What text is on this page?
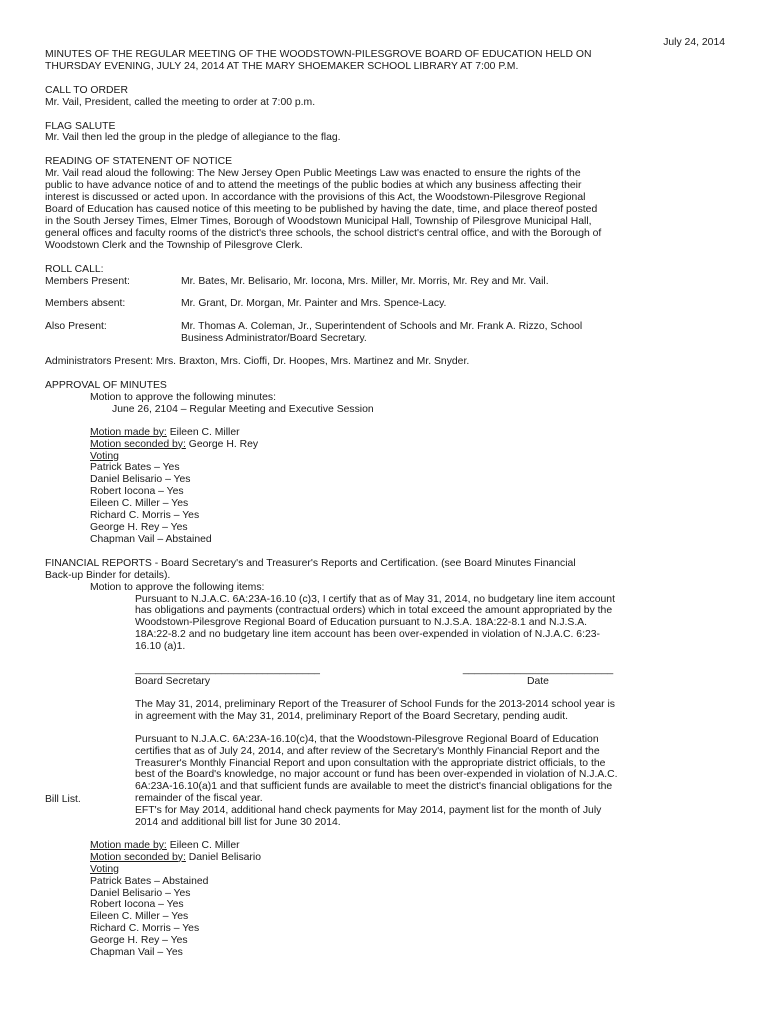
July 24, 2014

MINUTES OF THE REGULAR MEETING OF THE WOODSTOWN-PILESGROVE BOARD OF EDUCATION HELD ON

THURSDAY EVENING, JULY 24, 2014 AT THE MARY SHOEMAKER SCHOOL LIBRARY AT 7:00 P.M.

CALL TO ORDER

Mr. Vail, President, called the meeting to order at 7:00 p.m.

FLAG SALUTE

Mr. Vail then led the group in the pledge of allegiance to the flag.

READING OF STATENENT OF NOTICE

Mr. Vail read aloud the following: The New Jersey Open Public Meetings Law was enacted to ensure the rights of the

public to have advance notice of and to attend the meetings of the public bodies at which any business affecting their

interest is discussed or acted upon. In accordance with the provisions of this Act, the Woodstown-Pilesgrove Regional

Board of Education has caused notice of this meeting to be published by having the date, time, and place thereof posted

in the South Jersey Times, Elmer Times, Borough of Woodstown Municipal Hall, Township of Pilesgrove Municipal Hall,

general offices and faculty rooms of the district's three schools, the school district's central office, and with the Borough of

Woodstown Clerk and the Township of Pilesgrove Clerk.

ROLL CALL:

Members Present:	Mr. Bates, Mr. Belisario, Mr. Iocona, Mrs. Miller, Mr. Morris, Mr. Rey and Mr. Vail.
Members absent:	Mr. Grant, Dr. Morgan, Mr. Painter and Mrs. Spence-Lacy.
Also Present:	Mr. Thomas A. Coleman, Jr., Superintendent of Schools and Mr. Frank A. Rizzo, School
Business Administrator/Board Secretary.

Administrators Present: Mrs. Braxton, Mrs. Cioffi, Dr. Hoopes, Mrs. Martinez and Mr. Snyder.

APPROVAL OF MINUTES

Motion to approve the following minutes:

June 26, 2104 – Regular Meeting and Executive Session

Motion made by: Eileen C. Miller

Motion seconded by: George H. Rey

Voting

Patrick Bates – Yes

Daniel Belisario – Yes

Robert Iocona – Yes

Eileen C. Miller – Yes

Richard C. Morris – Yes

George H. Rey – Yes

Chapman Vail – Abstained

FINANCIAL REPORTS - Board Secretary's and Treasurer's Reports and Certification. (see Board Minutes Financial

Back-up Binder for details).

Motion to approve the following items:

Pursuant to N.J.A.C. 6A:23A-16.10 (c)3, I certify that as of May 31, 2014, no budgetary line item account

has obligations and payments (contractual orders) which in total exceed the amount appropriated by the

Woodstown-Pilesgrove Regional Board of Education pursuant to N.J.S.A. 18A:22-8.1 and N.J.S.A.

18A:22-8.2 and no budgetary line item account has been over-expended in violation of N.J.A.C. 6:23-

16.10 (a)1.

________________________________	__________________________
Board Secretary	Date

The May 31, 2014, preliminary Report of the Treasurer of School Funds for the 2013-2014 school year is

in agreement with the May 31, 2014, preliminary Report of the Board Secretary, pending audit.

Pursuant to N.J.A.C. 6A:23A-16.10(c)4, that the Woodstown-Pilesgrove Regional Board of Education

certifies that as of July 24, 2014, and after review of the Secretary's Monthly Financial Report and the

Treasurer's Monthly Financial Report and upon consultation with the appropriate district officials, to the

best of the Board's knowledge, no major account or fund has been over-expended in violation of N.J.A.C.

6A:23A-16.10(a)1 and that sufficient funds are available to meet the district's financial obligations for the

remainder of the fiscal year.

Bill List.

EFT's for May 2014, additional hand check payments for May 2014, payment list for the month of July

2014 and additional bill list for June 30 2014.

Motion made by: Eileen C. Miller

Motion seconded by: Daniel Belisario

Voting

Patrick Bates – Abstained

Daniel Belisario – Yes

Robert Iocona – Yes

Eileen C. Miller – Yes

Richard C. Morris – Yes

George H. Rey – Yes

Chapman Vail – Yes
